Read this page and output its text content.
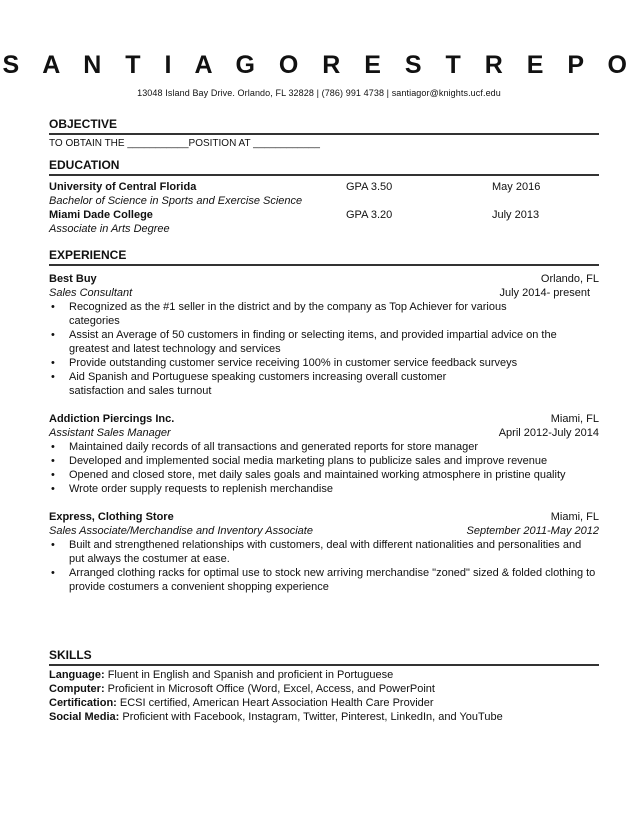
S A N T I A G O R E S T R E P O
13048 Island Bay Drive. Orlando, FL 32828 | (786) 991 4738 | santiagor@knights.ucf.edu
OBJECTIVE
TO OBTAIN THE ___________POSITION AT ____________
EDUCATION
University of Central Florida	GPA 3.50	May 2016
Bachelor of Science in Sports and Exercise Science
Miami Dade College	GPA 3.20	July 2013
Associate in Arts Degree
EXPERIENCE
Best Buy	Orlando, FL
Sales Consultant	July 2014- present
• Recognized as the #1 seller in the district and by the company as Top Achiever for various categories
• Assist an Average of 50 customers in finding or selecting items, and provided impartial advice on the greatest and latest technology and services
• Provide outstanding customer service receiving 100% in customer service feedback surveys
• Aid Spanish and Portuguese speaking customers increasing overall customer satisfaction and sales turnout
Addiction Piercings Inc.	Miami, FL
Assistant Sales Manager	April 2012-July 2014
• Maintained daily records of all transactions and generated reports for store manager
• Developed and implemented social media marketing plans to publicize sales and improve revenue
• Opened and closed store, met daily sales goals and maintained working atmosphere in pristine quality
• Wrote order supply requests to replenish merchandise
Express, Clothing Store	Miami, FL
Sales Associate/Merchandise and Inventory Associate	September 2011-May 2012
• Built and strengthened relationships with customers, deal with different nationalities and personalities and put always the costumer at ease.
• Arranged clothing racks for optimal use to stock new arriving merchandise "zoned" sized & folded clothing to provide costumers a convenient shopping experience
SKILLS
Language: Fluent in English and Spanish and proficient in Portuguese
Computer: Proficient in Microsoft Office (Word, Excel, Access, and PowerPoint
Certification: ECSI certified, American Heart Association Health Care Provider
Social Media: Proficient with Facebook, Instagram, Twitter, Pinterest, LinkedIn, and YouTube
